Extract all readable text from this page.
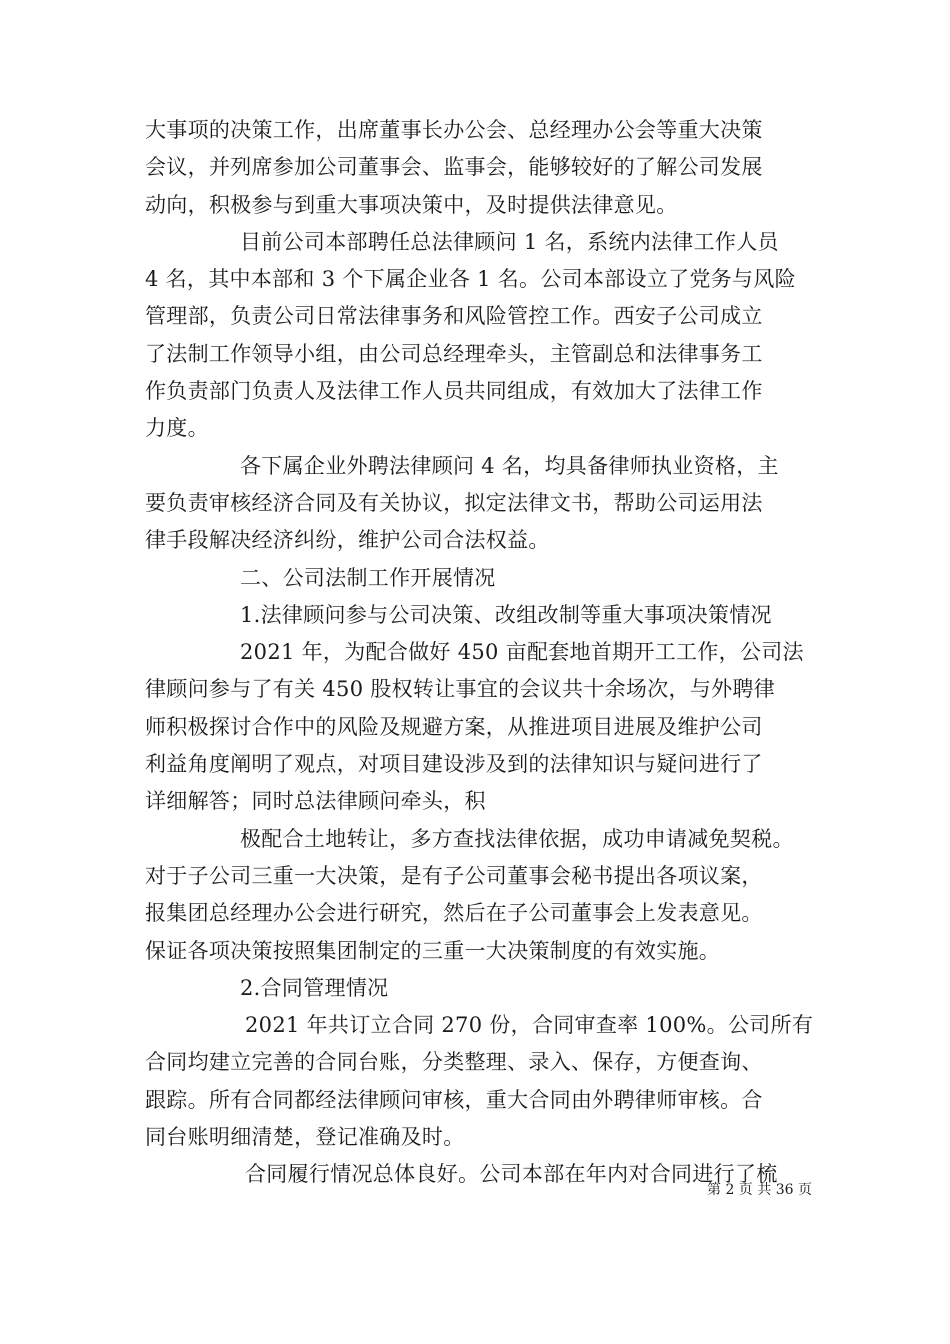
大事项的决策工作，出席董事长办公会、总经理办公会等重大决策
会议，并列席参加公司董事会、监事会，能够较好的了解公司发展
动向，积极参与到重大事项决策中，及时提供法律意见。
目前公司本部聘任总法律顾问 1 名，系统内法律工作人员
4 名，其中本部和 3 个下属企业各 1 名。公司本部设立了党务与风险
管理部，负责公司日常法律事务和风险管控工作。西安子公司成立
了法制工作领导小组，由公司总经理牵头，主管副总和法律事务工
作负责部门负责人及法律工作人员共同组成，有效加大了法律工作
力度。
各下属企业外聘法律顾问 4 名，均具备律师执业资格，主
要负责审核经济合同及有关协议，拟定法律文书，帮助公司运用法
律手段解决经济纠纷，维护公司合法权益。
二、公司法制工作开展情况
1.法律顾问参与公司决策、改组改制等重大事项决策情况
2021 年，为配合做好 450 亩配套地首期开工工作，公司法
律顾问参与了有关 450 股权转让事宜的会议共十余场次，与外聘律
师积极探讨合作中的风险及规避方案，从推进项目进展及维护公司
利益角度阐明了观点，对项目建设涉及到的法律知识与疑问进行了
详细解答；同时总法律顾问牵头，积
极配合土地转让，多方查找法律依据，成功申请减免契税。
对于子公司三重一大决策，是有子公司董事会秘书提出各项议案，
报集团总经理办公会进行研究，然后在子公司董事会上发表意见。
保证各项决策按照集团制定的三重一大决策制度的有效实施。
2.合同管理情况
2021 年共订立合同 270 份，合同审查率 100%。公司所有
合同均建立完善的合同台账，分类整理、录入、保存，方便查询、
跟踪。所有合同都经法律顾问审核，重大合同由外聘律师审核。合
同台账明细清楚，登记准确及时。
合同履行情况总体良好。公司本部在年内对合同进行了梳
第 2 页 共 36 页
